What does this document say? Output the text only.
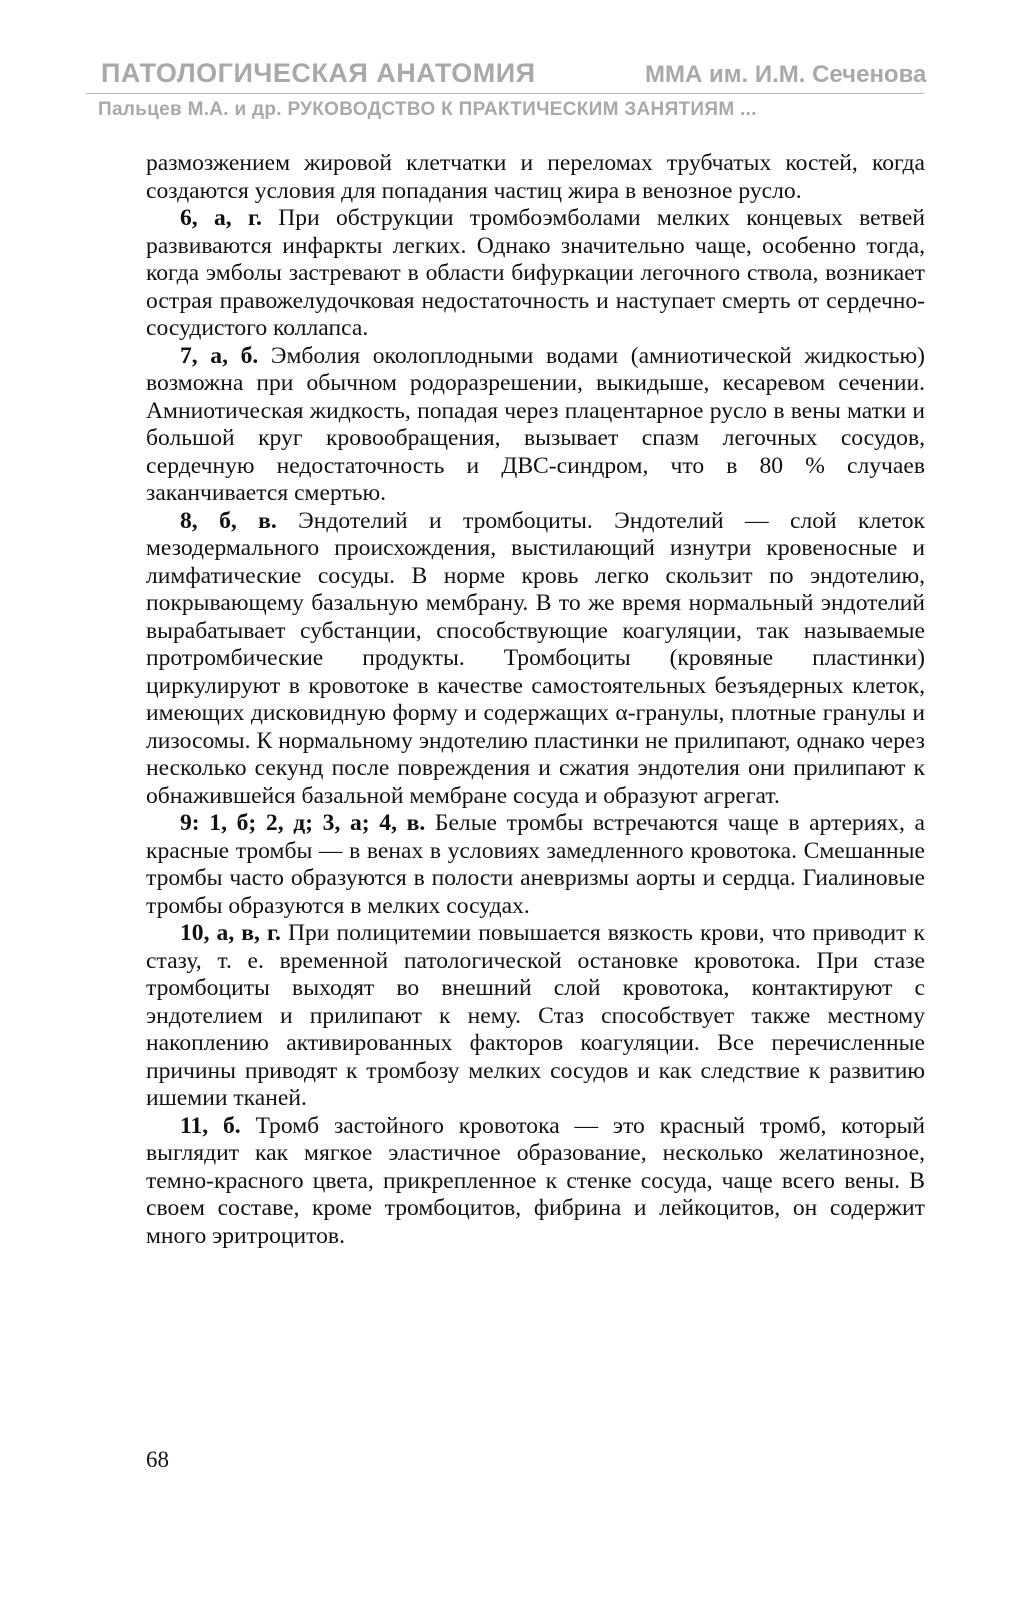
ПАТОЛОГИЧЕСКАЯ АНАТОМИЯ	ММА им. И.М. Сеченова
Пальцев М.А. и др. РУКОВОДСТВО К ПРАКТИЧЕСКИМ ЗАНЯТИЯМ ...

размозжением жировой клетчатки и переломах трубчатых костей, когда создаются условия для попадания частиц жира в венозное русло.

6, а, г. При обструкции тромбоэмболами мелких концевых ветвей развиваются инфаркты легких. Однако значительно чаще, особенно тогда, когда эмболы застревают в области бифуркации легочного ствола, возникает острая правожелудочковая недостаточность и наступает смерть от сердечно-сосудистого коллапса.

7, а, б. Эмболия околоплодными водами (амниотической жидкостью) возможна при обычном родоразрешении, выкидыше, кесаревом сечении. Амниотическая жидкость, попадая через плацентарное русло в вены матки и большой круг кровообращения, вызывает спазм легочных сосудов, сердечную недостаточность и ДВС-синдром, что в 80 % случаев заканчивается смертью.

8, б, в. Эндотелий и тромбоциты. Эндотелий — слой клеток мезодермального происхождения, выстилающий изнутри кровеносные и лимфатические сосуды. В норме кровь легко скользит по эндотелию, покрывающему базальную мембрану. В то же время нормальный эндотелий вырабатывает субстанции, способствующие коагуляции, так называемые протромбические продукты. Тромбоциты (кровяные пластинки) циркулируют в кровотоке в качестве самостоятельных безъядерных клеток, имеющих дисковидную форму и содержащих α-гранулы, плотные гранулы и лизосомы. К нормальному эндотелию пластинки не прилипают, однако через несколько секунд после повреждения и сжатия эндотелия они прилипают к обнажившейся базальной мембране сосуда и образуют агрегат.

9: 1, б; 2, д; 3, а; 4, в. Белые тромбы встречаются чаще в артериях, а красные тромбы — в венах в условиях замедленного кровотока. Смешанные тромбы часто образуются в полости аневризмы аорты и сердца. Гиалиновые тромбы образуются в мелких сосудах.

10, а, в, г. При полицитемии повышается вязкость крови, что приводит к стазу, т. е. временной патологической остановке кровотока. При стазе тромбоциты выходят во внешний слой кровотока, контактируют с эндотелием и прилипают к нему. Стаз способствует также местному накоплению активированных факторов коагуляции. Все перечисленные причины приводят к тромбозу мелких сосудов и как следствие к развитию ишемии тканей.

11, б. Тромб застойного кровотока — это красный тромб, который выглядит как мягкое эластичное образование, несколько желатинозное, темно-красного цвета, прикрепленное к стенке сосуда, чаще всего вены. В своем составе, кроме тромбоцитов, фибрина и лейкоцитов, он содержит много эритроцитов.

68
